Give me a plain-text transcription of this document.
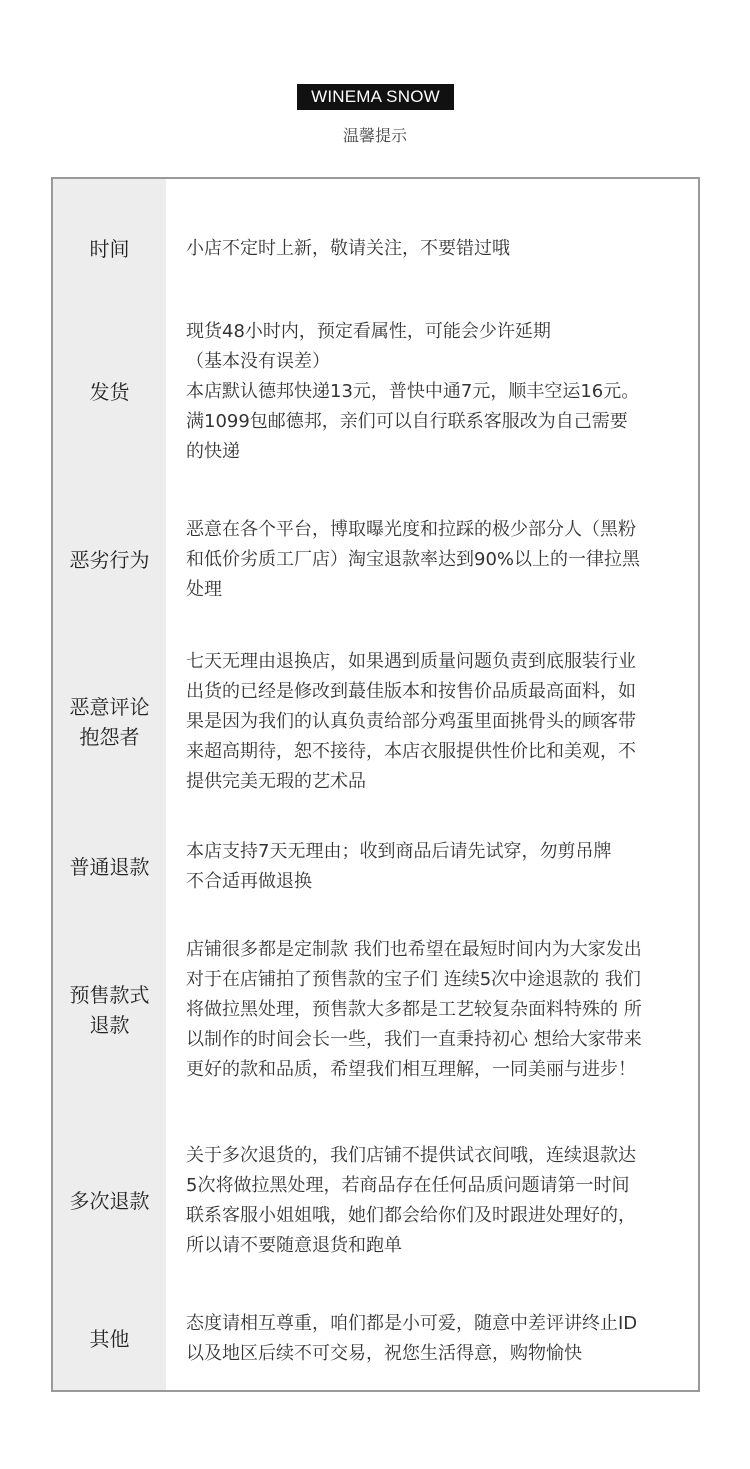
WINEMA SNOW
温馨提示
时间	小店不定时上新，敬请关注，不要错过哦
发货
现货48小时内，预定看属性，可能会少许延期
（基本没有误差）
本店默认德邦快递13元，普快中通7元，顺丰空运16元。
满1099包邮德邦，亲们可以自行联系客服改为自己需要
的快递
恶劣行为
恶意在各个平台，博取曝光度和拉踩的极少部分人（黑粉
和低价劣质工厂店）淘宝退款率达到90%以上的一律拉黑
处理
恶意评论
抱怨者
七天无理由退换店，如果遇到质量问题负责到底服装行业
出货的已经是修改到蕞佳版本和按售价品质最高面料，如
果是因为我们的认真负责给部分鸡蛋里面挑骨头的顾客带
来超高期待，恕不接待，本店衣服提供性价比和美观，不
提供完美无瑕的艺术品
普通退款
本店支持7天无理由；收到商品后请先试穿，勿剪吊牌
不合适再做退换
预售款式
退款
店铺很多都是定制款 我们也希望在最短时间内为大家发出
对于在店铺拍了预售款的宝子们 连续5次中途退款的 我们
将做拉黑处理，预售款大多都是工艺较复杂面料特殊的 所
以制作的时间会长一些，我们一直秉持初心 想给大家带来
更好的款和品质，希望我们相互理解，一同美丽与进步！
多次退款
关于多次退货的，我们店铺不提供试衣间哦，连续退款达
5次将做拉黑处理，若商品存在任何品质问题请第一时间
联系客服小姐姐哦，她们都会给你们及时跟进处理好的，
所以请不要随意退货和跑单
其他
态度请相互尊重，咱们都是小可爱，随意中差评讲终止ID
以及地区后续不可交易，祝您生活得意，购物愉快
